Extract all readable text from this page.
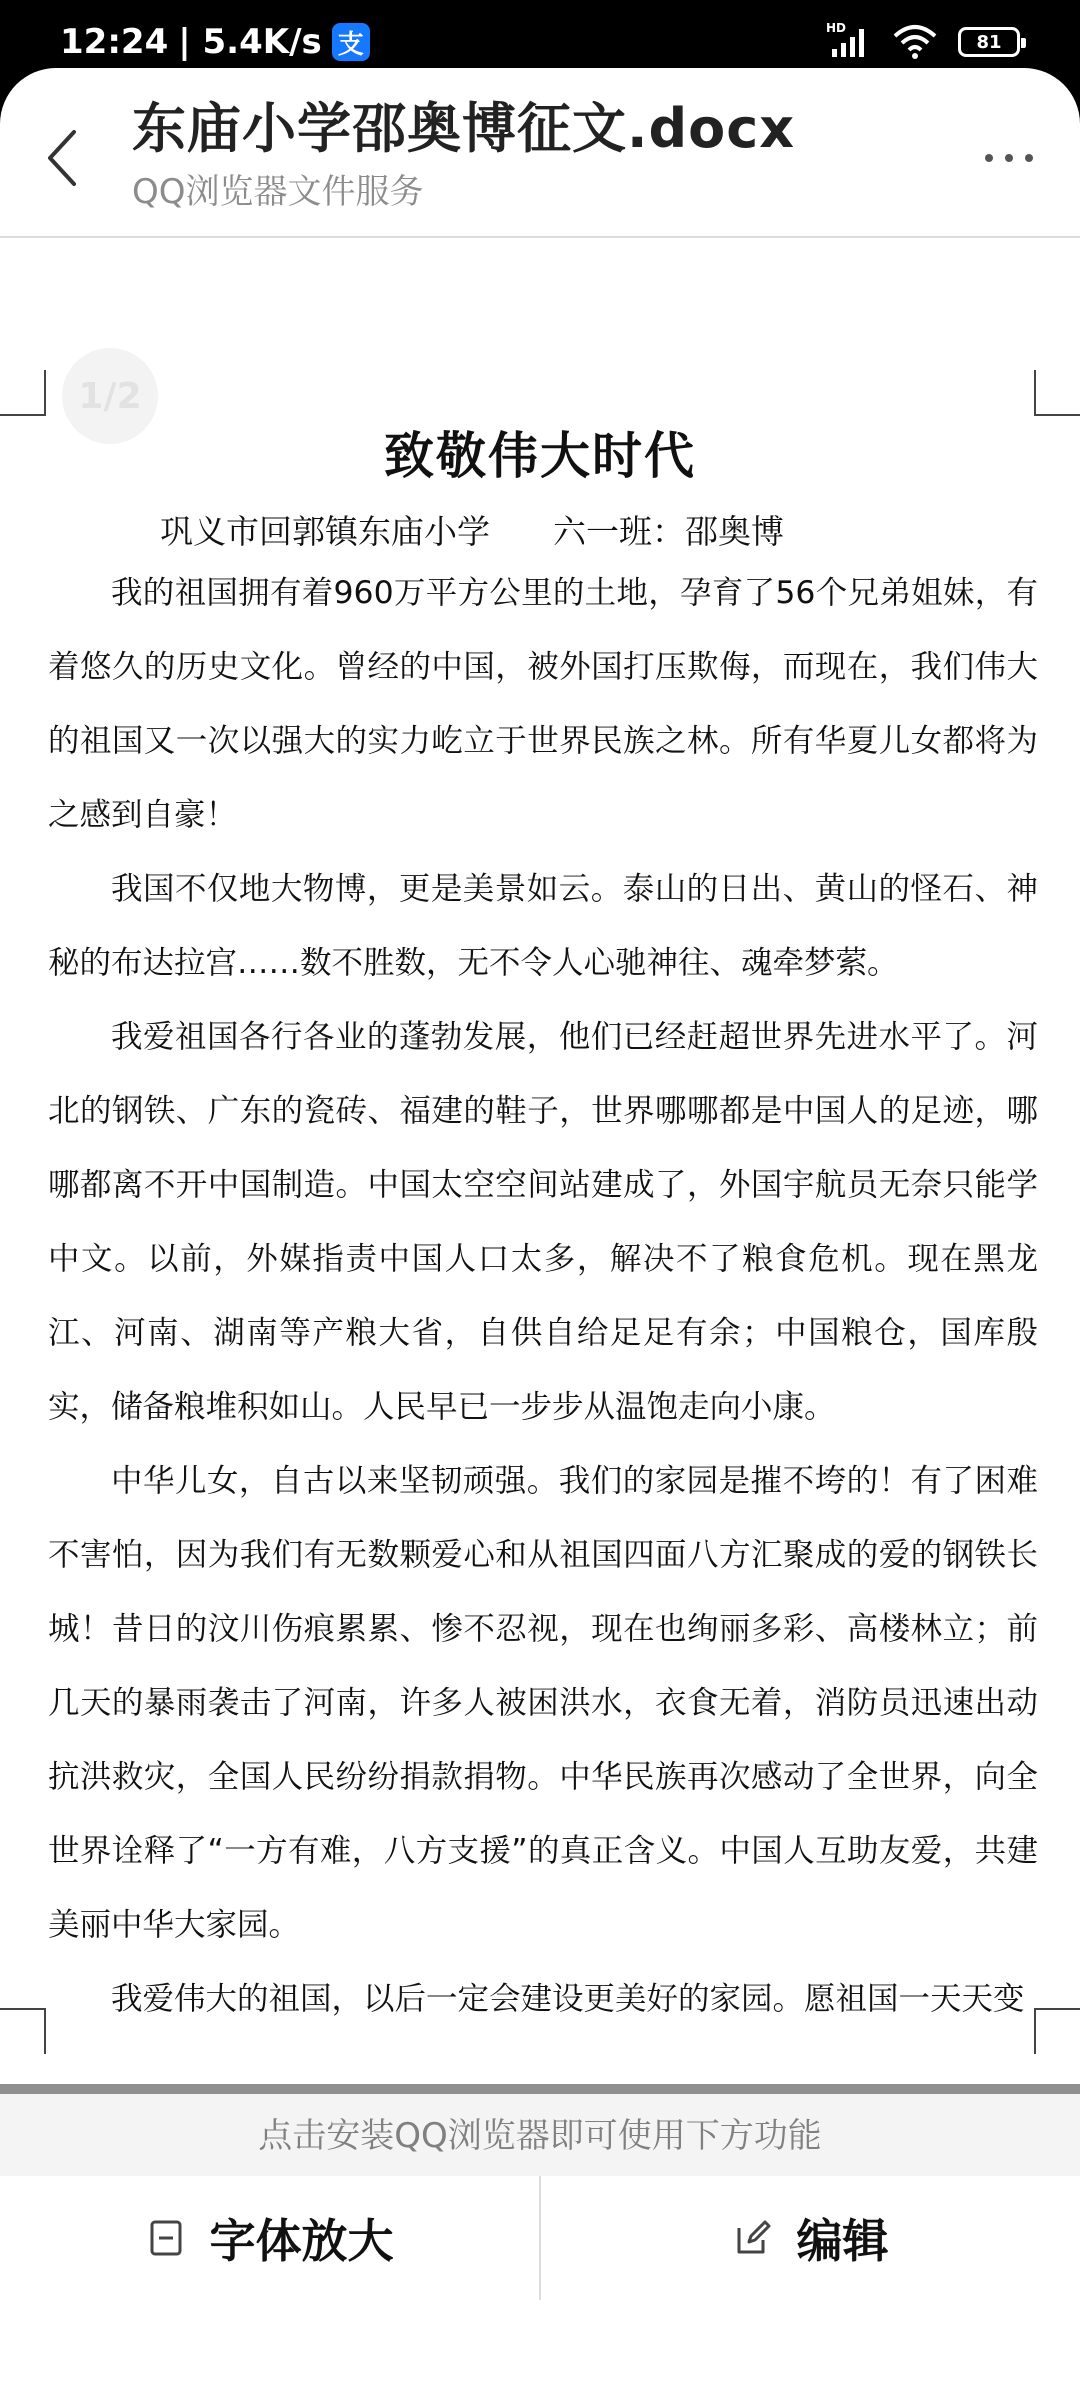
12:24 | 5.4K/s 支
HD
81
东庙小学邵奥博征文.docx
QQ浏览器文件服务
1/2
致敬伟大时代
巩义市回郭镇东庙小学      六一班：邵奥博

我的祖国拥有着960万平方公里的土地，孕育了56个兄弟姐妹，有着悠久的历史文化。曾经的中国，被外国打压欺侮，而现在，我们伟大的祖国又一次以强大的实力屹立于世界民族之林。所有华夏儿女都将为之感到自豪！

我国不仅地大物博，更是美景如云。泰山的日出、黄山的怪石、神秘的布达拉宫……数不胜数，无不令人心驰神往、魂牵梦萦。

我爱祖国各行各业的蓬勃发展，他们已经赶超世界先进水平了。河北的钢铁、广东的瓷砖、福建的鞋子，世界哪哪都是中国人的足迹，哪哪都离不开中国制造。中国太空空间站建成了，外国宇航员无奈只能学中文。以前，外媒指责中国人口太多，解决不了粮食危机。现在黑龙江、河南、湖南等产粮大省，自供自给足足有余；中国粮仓，国库殷实，储备粮堆积如山。人民早已一步步从温饱走向小康。

中华儿女，自古以来坚韧顽强。我们的家园是摧不垮的！有了困难不害怕，因为我们有无数颗爱心和从祖国四面八方汇聚成的爱的钢铁长城！昔日的汶川伤痕累累、惨不忍视，现在也绚丽多彩、高楼林立；前几天的暴雨袭击了河南，许多人被困洪水，衣食无着，消防员迅速出动抗洪救灾，全国人民纷纷捐款捐物。中华民族再次感动了全世界，向全世界诠释了“一方有难，八方支援”的真正含义。中国人互助友爱，共建美丽中华大家园。

我爱伟大的祖国，以后一定会建设更美好的家园。愿祖国一天天变

点击安装QQ浏览器即可使用下方功能
字体放大	编辑
